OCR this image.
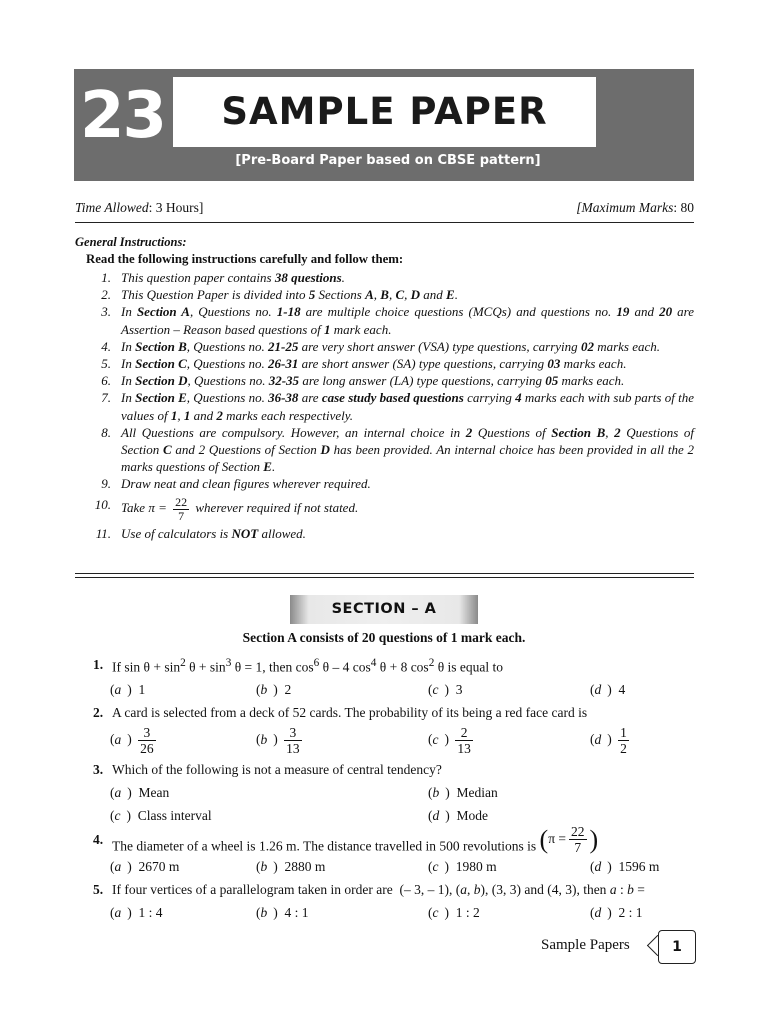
23	SAMPLE PAPER
[Pre-Board Paper based on CBSE pattern]
Time Allowed: 3 Hours]	[Maximum Marks: 80
General Instructions:
Read the following instructions carefully and follow them:
1. This question paper contains 38 questions.
2. This Question Paper is divided into 5 Sections A, B, C, D and E.
3. In Section A, Questions no. 1-18 are multiple choice questions (MCQs) and questions no. 19 and 20 are Assertion – Reason based questions of 1 mark each.
4. In Section B, Questions no. 21-25 are very short answer (VSA) type questions, carrying 02 marks each.
5. In Section C, Questions no. 26-31 are short answer (SA) type questions, carrying 03 marks each.
6. In Section D, Questions no. 32-35 are long answer (LA) type questions, carrying 05 marks each.
7. In Section E, Questions no. 36-38 are case study based questions carrying 4 marks each with sub parts of the values of 1, 1 and 2 marks each respectively.
8. All Questions are compulsory. However, an internal choice in 2 Questions of Section B, 2 Questions of Section C and 2 Questions of Section D has been provided. An internal choice has been provided in all the 2 marks questions of Section E.
9. Draw neat and clean figures wherever required.
10. Take $\pi = \frac{22}{7}$ wherever required if not stated.
11. Use of calculators is NOT allowed.
SECTION – A
Section A consists of 20 questions of 1 mark each.
1. If $\sin \theta + \sin^2 \theta + \sin^3 \theta = 1$, then $\cos^6 \theta - 4$ $\cos^4 \theta + 8$ $\cos^2 \theta$ is equal to
(a )  1	(b )  2	(c )  3	(d )  4
2. A card is selected from a deck of 52 cards. The probability of its being a red face card is
(a ) $\frac{3}{26}$	(b ) $\frac{3}{13}$	(c ) $\frac{2}{13}$	(d ) $\frac{1}{2}$
3. Which of the following is not a measure of central tendency?
(a )  Mean	(b )  Median
(c )  Class interval	(d )  Mode
4. The diameter of a wheel is 1.26 m. The distance travelled in 500 revolutions is ($\pi = \frac{22}{7}$ )
(a )  2670 m	(b )  2880 m	(c )  1980 m	(d )  1596 m
5. If four vertices of a parallelogram taken in order are  (– 3, – 1), (a, b), (3, 3) and (4, 3), then a : b =
(a )  1 : 4	(b )  4 : 1	(c )  1 : 2	(d )  2 : 1
Sample Papers	1
